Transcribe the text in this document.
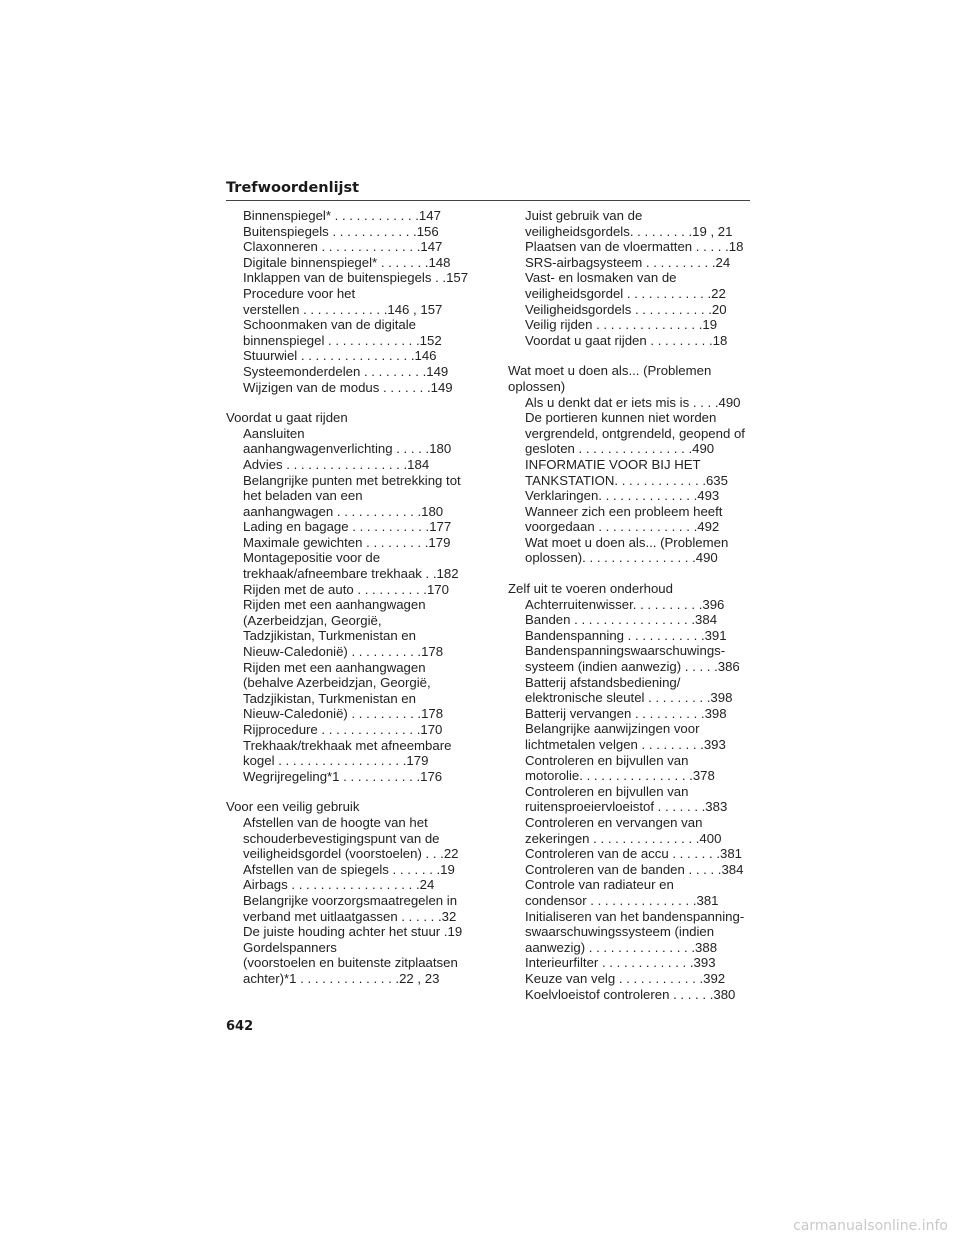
Trefwoordenlijst
Binnenspiegel* . . . . . . . . . . . .147
Buitenspiegels . . . . . . . . . . . .156
Claxonneren . . . . . . . . . . . . . .147
Digitale binnenspiegel* . . . . . . .148
Inklappen van de buitenspiegels . .157
Procedure voor het
verstellen . . . . . . . . . . . .146 , 157
Schoonmaken van de digitale
binnenspiegel . . . . . . . . . . . . .152
Stuurwiel . . . . . . . . . . . . . . . .146
Systeemonderdelen . . . . . . . . .149
Wijzigen van de modus . . . . . . .149
Voordat u gaat rijden
Aansluiten
aanhangwagenverlichting . . . . .180
Advies . . . . . . . . . . . . . . . . .184
Belangrijke punten met betrekking tot
het beladen van een
aanhangwagen . . . . . . . . . . . .180
Lading en bagage . . . . . . . . . . .177
Maximale gewichten . . . . . . . . .179
Montagepositie voor de
trekhaak/afneembare trekhaak . .182
Rijden met de auto . . . . . . . . . .170
Rijden met een aanhangwagen
(Azerbeidzjan, Georgië,
Tadzjikistan, Turkmenistan en
Nieuw-Caledonië) . . . . . . . . . .178
Rijden met een aanhangwagen
(behalve Azerbeidzjan, Georgië,
Tadzjikistan, Turkmenistan en
Nieuw-Caledonië) . . . . . . . . . .178
Rijprocedure . . . . . . . . . . . . . .170
Trekhaak/trekhaak met afneembare
kogel . . . . . . . . . . . . . . . . . .179
Wegrijregeling*1 . . . . . . . . . . .176
Voor een veilig gebruik
Afstellen van de hoogte van het
schouderbevestigingspunt van de
veiligheidsgordel (voorstoelen) . . .22
Afstellen van de spiegels . . . . . . .19
Airbags . . . . . . . . . . . . . . . . . .24
Belangrijke voorzorgsmaatregelen in
verband met uitlaatgassen . . . . . .32
De juiste houding achter het stuur .19
Gordelspanners
(voorstoelen en buitenste zitplaatsen
achter)*1 . . . . . . . . . . . . . .22 , 23
Juist gebruik van de
veiligheidsgordels. . . . . . . . .19 , 21
Plaatsen van de vloermatten . . . . .18
SRS-airbagsysteem . . . . . . . . . .24
Vast- en losmaken van de
veiligheidsgordel . . . . . . . . . . . .22
Veiligheidsgordels . . . . . . . . . . .20
Veilig rijden . . . . . . . . . . . . . . .19
Voordat u gaat rijden . . . . . . . . .18
Wat moet u doen als... (Problemen
oplossen)
Als u denkt dat er iets mis is . . . .490
De portieren kunnen niet worden
vergrendeld, ontgrendeld, geopend of
gesloten . . . . . . . . . . . . . . . .490
INFORMATIE VOOR BIJ HET
TANKSTATION. . . . . . . . . . . . .635
Verklaringen. . . . . . . . . . . . . .493
Wanneer zich een probleem heeft
voorgedaan . . . . . . . . . . . . . .492
Wat moet u doen als... (Problemen
oplossen). . . . . . . . . . . . . . . .490
Zelf uit te voeren onderhoud
Achterruitenwisser. . . . . . . . . .396
Banden . . . . . . . . . . . . . . . . .384
Bandenspanning . . . . . . . . . . .391
Bandenspanningswaarschuwings-
systeem (indien aanwezig) . . . . .386
Batterij afstandsbediening/
elektronische sleutel . . . . . . . . .398
Batterij vervangen . . . . . . . . . .398
Belangrijke aanwijzingen voor
lichtmetalen velgen . . . . . . . . .393
Controleren en bijvullen van
motorolie. . . . . . . . . . . . . . . .378
Controleren en bijvullen van
ruitensproeiervloeistof . . . . . . .383
Controleren en vervangen van
zekeringen . . . . . . . . . . . . . . .400
Controleren van de accu . . . . . . .381
Controleren van de banden . . . . .384
Controle van radiateur en
condensor . . . . . . . . . . . . . . .381
Initialiseren van het bandenspanning-
swaarschuwingssysteem (indien
aanwezig) . . . . . . . . . . . . . . .388
Interieurfilter . . . . . . . . . . . . .393
Keuze van velg . . . . . . . . . . . .392
Koelvloeistof controleren . . . . . .380
642
carmanualsonline.info
